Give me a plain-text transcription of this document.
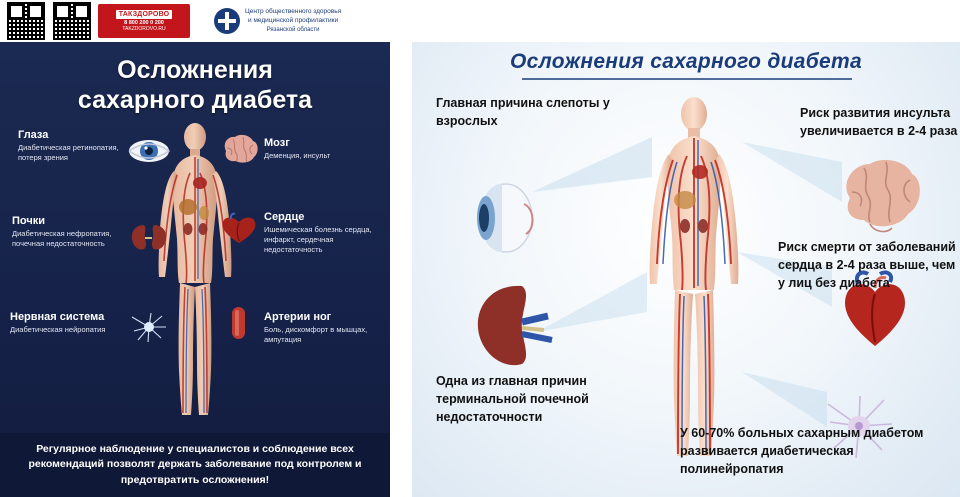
ТАКЗДОРОВО
8 800 200 0 200
TAKZDOROVO.RU
Центр общественного здоровья
и медицинской профилактики
Рязанской области
Осложнения
сахарного диабета
Глаза
Диабетическая ретинопатия, потеря зрения
Мозг
Деменция, инсульт
Почки
Диабетическая нефропатия, почечная недостаточность
Сердце
Ишемическая болезнь сердца, инфаркт, сердечная недостаточность
Нервная система
Диабетическая нейропатия
Артерии ног
Боль, дискомфорт в мышцах, ампутация

Регулярное наблюдение у специалистов и соблюдение всех рекомендаций позволят держать заболевание под контролем и предотвратить осложнения!

Осложнения сахарного диабета
Главная причина слепоты у взрослых
Риск развития инсульта увеличивается в 2-4 раза
Риск смерти от заболеваний сердца в 2-4 раза выше, чем у лиц без диабета
Одна из главная причин терминальной почечной недостаточности
У 60-70% больных сахарным диабетом развивается диабетическая полинейропатия
